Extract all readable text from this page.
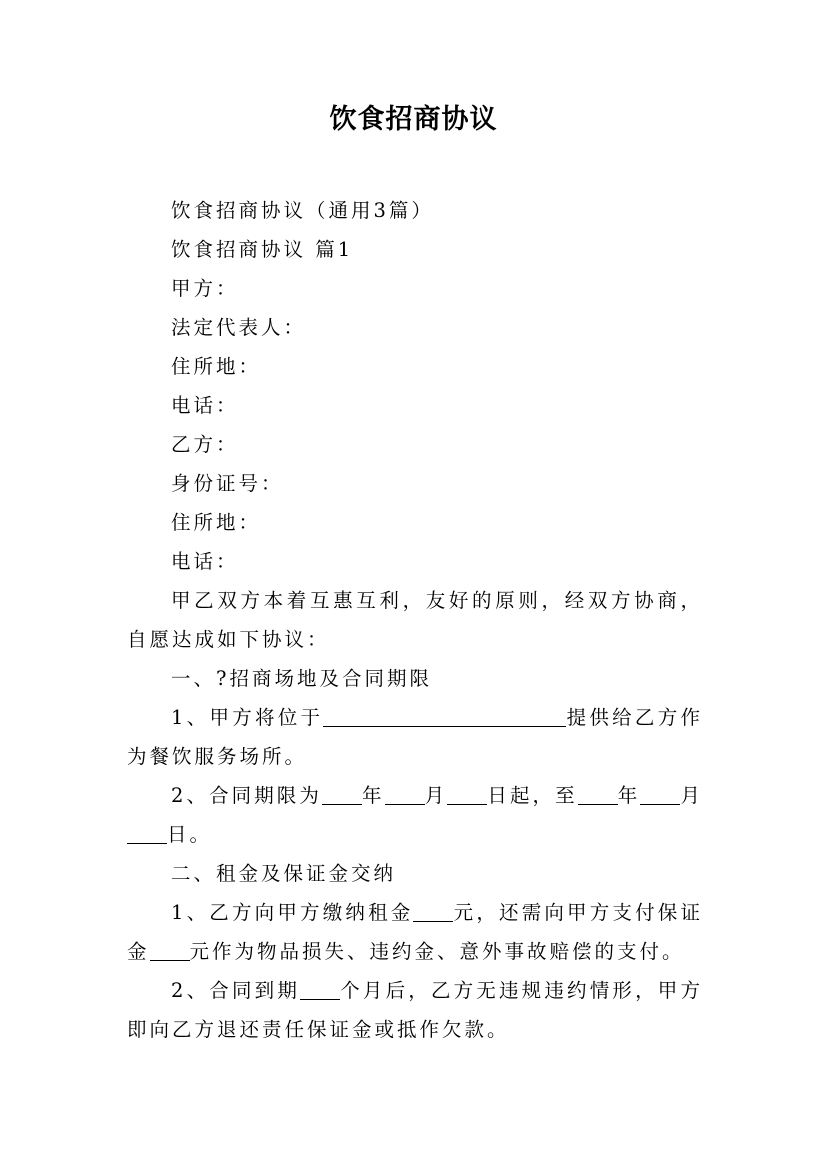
饮食招商协议

饮食招商协议（通用3篇）

饮食招商协议 篇1

甲方：

法定代表人：

住所地：

电话：

乙方：

身份证号：

住所地：

电话：

甲乙双方本着互惠互利，友好的原则，经双方协商，自愿达成如下协议：

一、?招商场地及合同期限

1、甲方将位于	提供给乙方作为餐饮服务场所。

2、合同期限为 年 月 日起，至 年 月日。

二、租金及保证金交纳

1、乙方向甲方缴纳租金 元，还需向甲方支付保证金 元作为物品损失、违约金、意外事故赔偿的支付。

2、合同到期 个月后，乙方无违规违约情形，甲方即向乙方退还责任保证金或抵作欠款。
